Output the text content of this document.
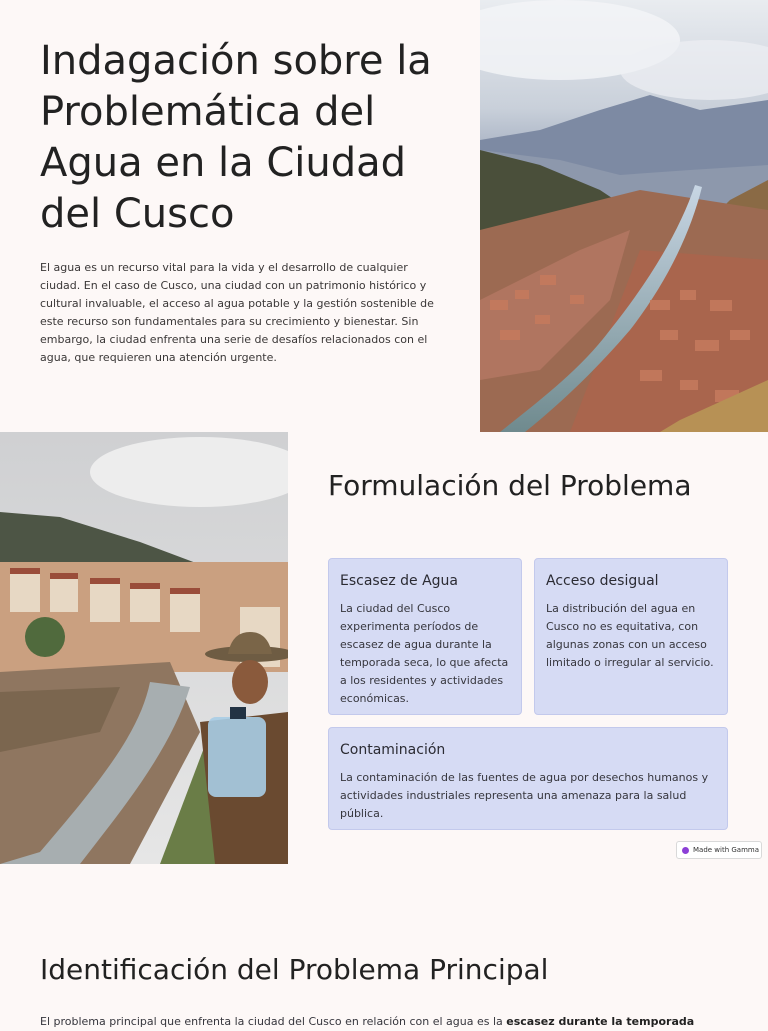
Indagación sobre la Problemática del Agua en la Ciudad del Cusco

El agua es un recurso vital para la vida y el desarrollo de cualquier ciudad. En el caso de Cusco, una ciudad con un patrimonio histórico y cultural invaluable, el acceso al agua potable y la gestión sostenible de este recurso son fundamentales para su crecimiento y bienestar. Sin embargo, la ciudad enfrenta una serie de desafíos relacionados con el agua, que requieren una atención urgente.

Formulación del Problema
Escasez de Agua

La ciudad del Cusco experimenta períodos de escasez de agua durante la temporada seca, lo que afecta a los residentes y actividades económicas.

Acceso desigual

La distribución del agua en Cusco no es equitativa, con algunas zonas con un acceso limitado o irregular al servicio.

Contaminación

La contaminación de las fuentes de agua por desechos humanos y actividades industriales representa una amenaza para la salud pública.

Made with Gamma
Identificación del Problema Principal

El problema principal que enfrenta la ciudad del Cusco en relación con el agua es la escasez durante la temporada
